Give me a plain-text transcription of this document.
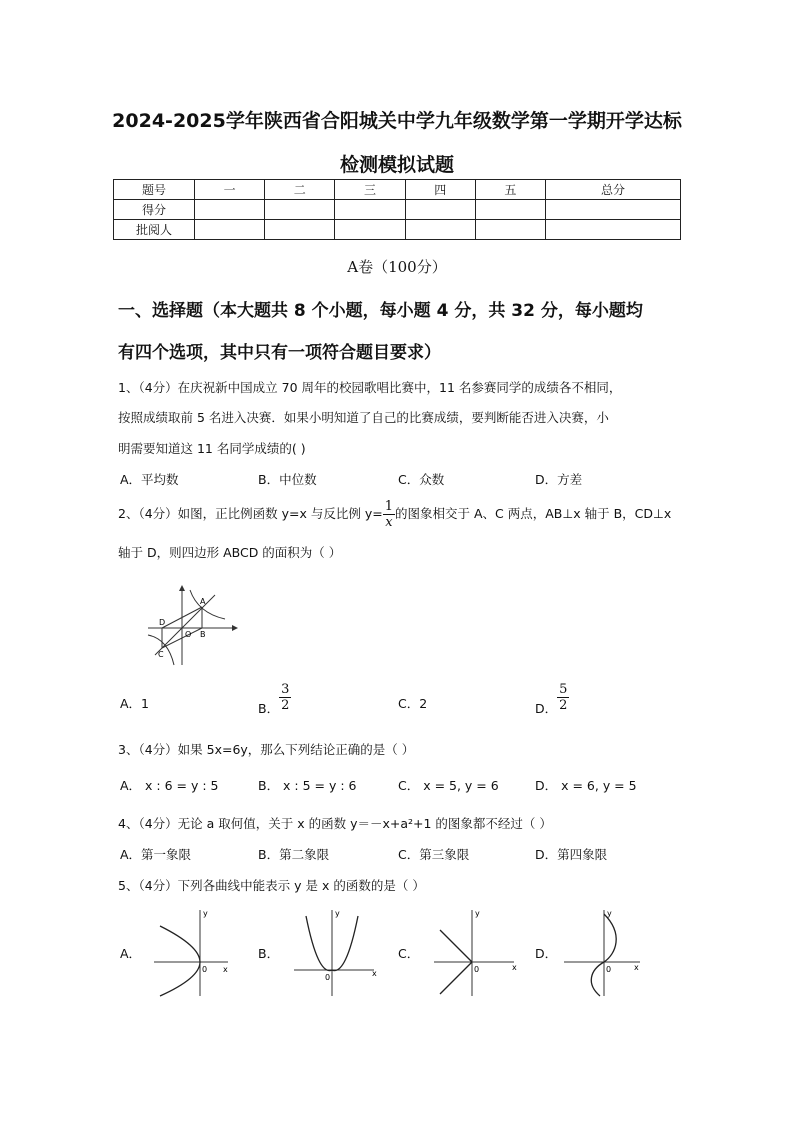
2024-2025学年陕西省合阳城关中学九年级数学第一学期开学达标
检测模拟试题
题号	一	二	三	四	五	总分
得分						
批阅人						
A卷（100分）
一、选择题（本大题共 8 个小题，每小题 4 分，共 32 分，每小题均
有四个选项，其中只有一项符合题目要求）
1、（4分）在庆祝新中国成立 70 周年的校园歌唱比赛中，11 名参赛同学的成绩各不相同，
按照成绩取前 5 名进入决赛．如果小明知道了自己的比赛成绩，要判断能否进入决赛，小
明需要知道这 11 名同学成绩的( )
A．平均数	B．中位数	C．众数	D．方差
2、（4分）如图，正比例函数 y=x 与反比例 $y= \frac{1}{x}$ 的图象相交于 A、C 两点，AB⊥x 轴于 B，CD⊥x
轴于 D，则四边形 ABCD 的面积为（ ）
A
B
C
D
O
A．1	B． $\frac{3}{2}$	C．2	D． $\frac{5}{2}$
3、（4分）如果 5x=6y，那么下列结论正确的是（ ）
A． x : 6 = y : 5	B． x : 5 = y : 6	C． x = 5, y = 6	D． x = 6, y = 5
4、（4分）无论 a 取何值，关于 x 的函数 y＝－x+a²+1 的图象都不经过（ ）
A．第一象限	B．第二象限	C．第三象限	D．第四象限
5、（4分）下列各曲线中能表示 y 是 x 的函数的是（ ）
A．
y
x
0
B．
y
x
0
C．
y
x
0
D．
y
x
0
